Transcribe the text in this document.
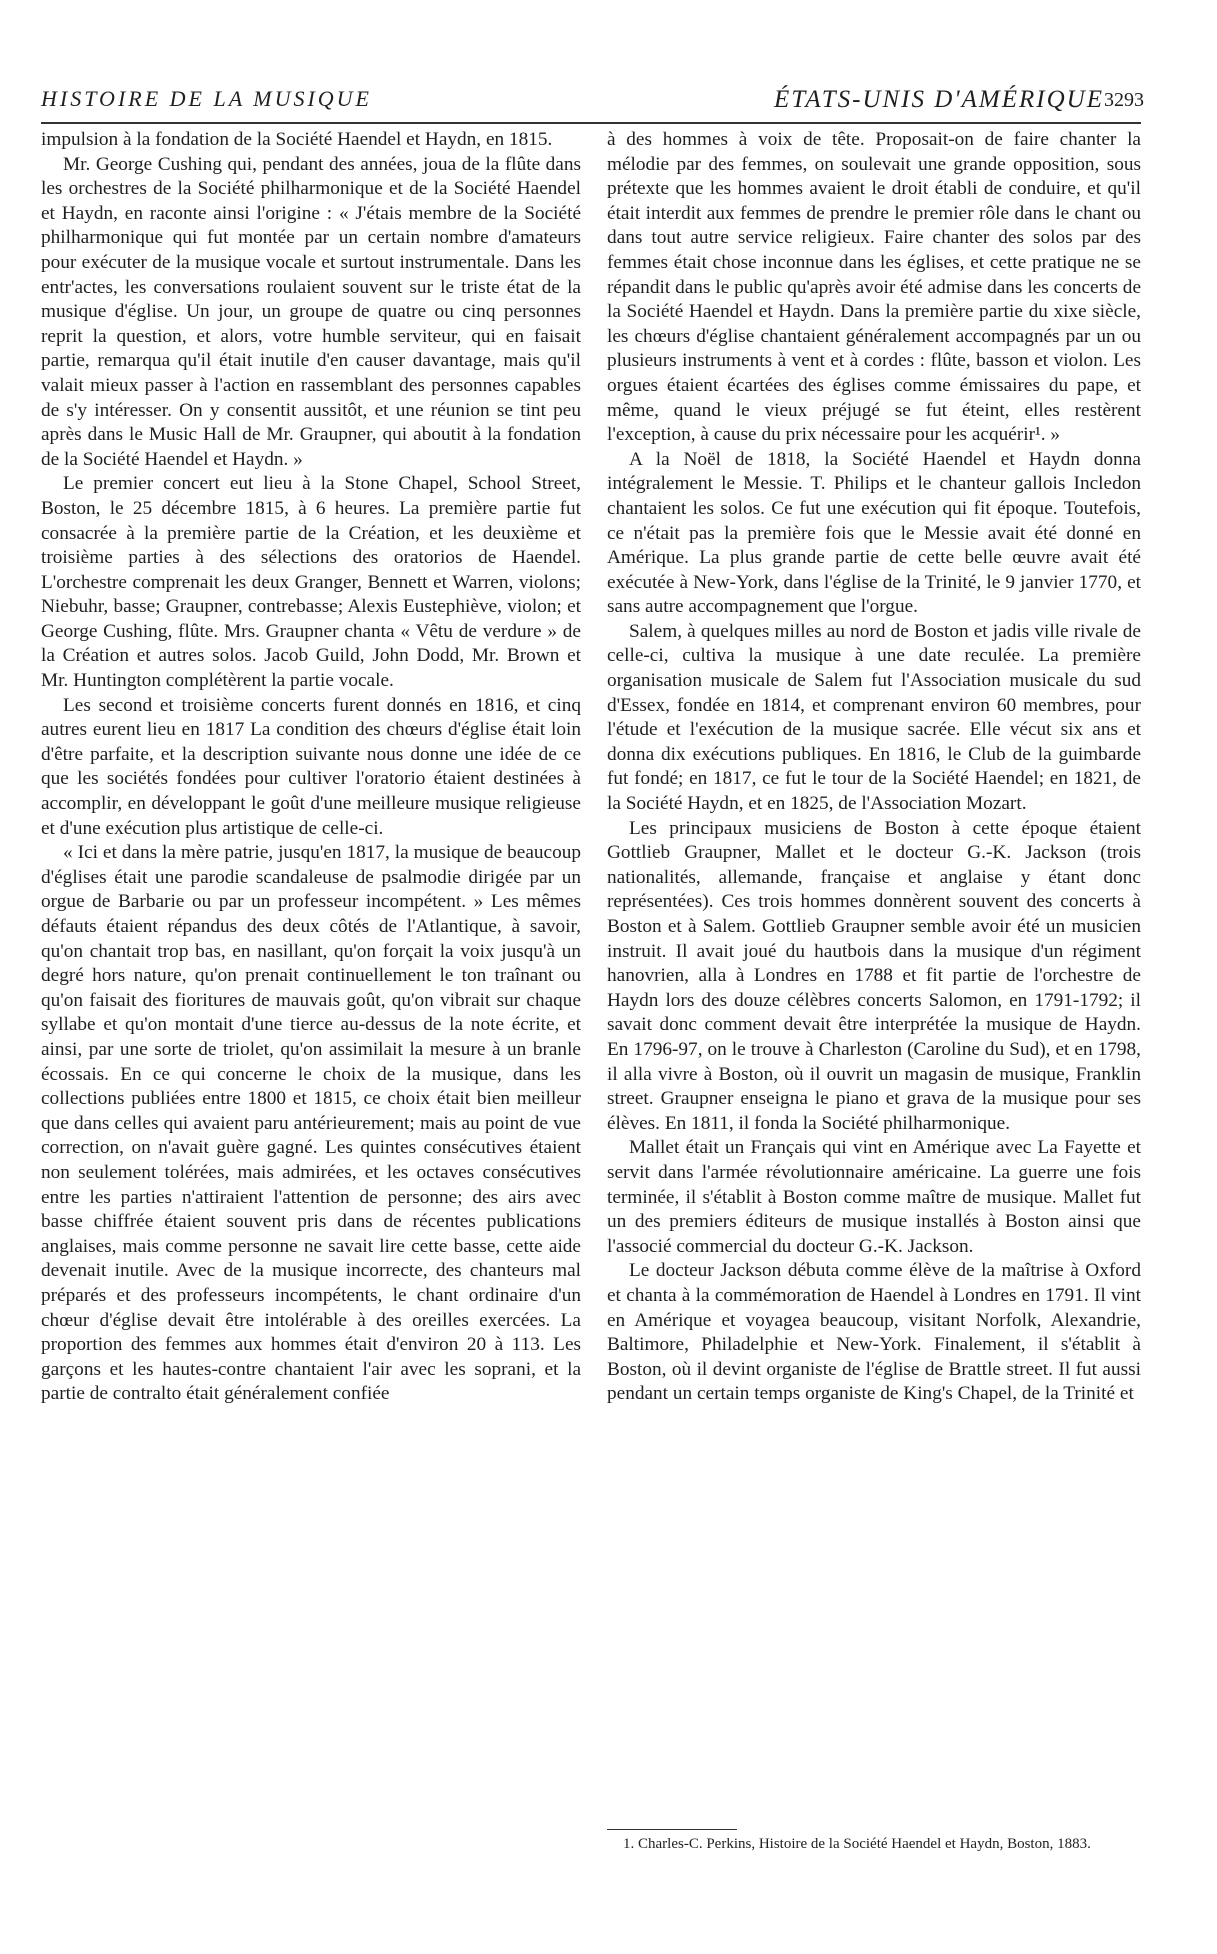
HISTOIRE DE LA MUSIQUE	ÉTATS-UNIS D'AMÉRIQUE 3293

impulsion à la fondation de la Société Haendel et Haydn, en 1815.

Mr. George Cushing qui, pendant des années, joua de la flûte dans les orchestres de la Société philharmonique et de la Société Haendel et Haydn, en raconte ainsi l'origine : « J'étais membre de la Société philharmonique qui fut montée par un certain nombre d'amateurs pour exécuter de la musique vocale et surtout instrumentale. Dans les entr'actes, les conversations roulaient souvent sur le triste état de la musique d'église. Un jour, un groupe de quatre ou cinq personnes reprit la question, et alors, votre humble serviteur, qui en faisait partie, remarqua qu'il était inutile d'en causer davantage, mais qu'il valait mieux passer à l'action en rassemblant des personnes capables de s'y intéresser. On y consentit aussitôt, et une réunion se tint peu après dans le Music Hall de Mr. Graupner, qui aboutit à la fondation de la Société Haendel et Haydn. »

Le premier concert eut lieu à la Stone Chapel, School Street, Boston, le 25 décembre 1815, à 6 heures. La première partie fut consacrée à la première partie de la Création, et les deuxième et troisième parties à des sélections des oratorios de Haendel. L'orchestre comprenait les deux Granger, Bennett et Warren, violons; Niebuhr, basse; Graupner, contrebasse; Alexis Eustephiève, violon; et George Cushing, flûte. Mrs. Graupner chanta « Vêtu de verdure » de la Création et autres solos. Jacob Guild, John Dodd, Mr. Brown et Mr. Huntington complétèrent la partie vocale.

Les second et troisième concerts furent donnés en 1816, et cinq autres eurent lieu en 1817 La condition des chœurs d'église était loin d'être parfaite, et la description suivante nous donne une idée de ce que les sociétés fondées pour cultiver l'oratorio étaient destinées à accomplir, en développant le goût d'une meilleure musique religieuse et d'une exécution plus artistique de celle-ci.

« Ici et dans la mère patrie, jusqu'en 1817, la musique de beaucoup d'églises était une parodie scandaleuse de psalmodie dirigée par un orgue de Barbarie ou par un professeur incompétent. » Les mêmes défauts étaient répandus des deux côtés de l'Atlantique, à savoir, qu'on chantait trop bas, en nasillant, qu'on forçait la voix jusqu'à un degré hors nature, qu'on prenait continuellement le ton traînant ou qu'on faisait des fioritures de mauvais goût, qu'on vibrait sur chaque syllabe et qu'on montait d'une tierce au-dessus de la note écrite, et ainsi, par une sorte de triolet, qu'on assimilait la mesure à un branle écossais. En ce qui concerne le choix de la musique, dans les collections publiées entre 1800 et 1815, ce choix était bien meilleur que dans celles qui avaient paru antérieurement; mais au point de vue correction, on n'avait guère gagné. Les quintes consécutives étaient non seulement tolérées, mais admirées, et les octaves consécutives entre les parties n'attiraient l'attention de personne; des airs avec basse chiffrée étaient souvent pris dans de récentes publications anglaises, mais comme personne ne savait lire cette basse, cette aide devenait inutile. Avec de la musique incorrecte, des chanteurs mal préparés et des professeurs incompétents, le chant ordinaire d'un chœur d'église devait être intolérable à des oreilles exercées. La proportion des femmes aux hommes était d'environ 20 à 113. Les garçons et les hautes-contre chantaient l'air avec les soprani, et la partie de contralto était généralement confiée

à des hommes à voix de tête. Proposait-on de faire chanter la mélodie par des femmes, on soulevait une grande opposition, sous prétexte que les hommes avaient le droit établi de conduire, et qu'il était interdit aux femmes de prendre le premier rôle dans le chant ou dans tout autre service religieux. Faire chanter des solos par des femmes était chose inconnue dans les églises, et cette pratique ne se répandit dans le public qu'après avoir été admise dans les concerts de la Société Haendel et Haydn. Dans la première partie du xixe siècle, les chœurs d'église chantaient généralement accompagnés par un ou plusieurs instruments à vent et à cordes : flûte, basson et violon. Les orgues étaient écartées des églises comme émissaires du pape, et même, quand le vieux préjugé se fut éteint, elles restèrent l'exception, à cause du prix nécessaire pour les acquérir¹. »

A la Noël de 1818, la Société Haendel et Haydn donna intégralement le Messie. T. Philips et le chanteur gallois Incledon chantaient les solos. Ce fut une exécution qui fit époque. Toutefois, ce n'était pas la première fois que le Messie avait été donné en Amérique. La plus grande partie de cette belle œuvre avait été exécutée à New-York, dans l'église de la Trinité, le 9 janvier 1770, et sans autre accompagnement que l'orgue.

Salem, à quelques milles au nord de Boston et jadis ville rivale de celle-ci, cultiva la musique à une date reculée. La première organisation musicale de Salem fut l'Association musicale du sud d'Essex, fondée en 1814, et comprenant environ 60 membres, pour l'étude et l'exécution de la musique sacrée. Elle vécut six ans et donna dix exécutions publiques. En 1816, le Club de la guimbarde fut fondé; en 1817, ce fut le tour de la Société Haendel; en 1821, de la Société Haydn, et en 1825, de l'Association Mozart.

Les principaux musiciens de Boston à cette époque étaient Gottlieb Graupner, Mallet et le docteur G.-K. Jackson (trois nationalités, allemande, française et anglaise y étant donc représentées). Ces trois hommes donnèrent souvent des concerts à Boston et à Salem. Gottlieb Graupner semble avoir été un musicien instruit. Il avait joué du hautbois dans la musique d'un régiment hanovrien, alla à Londres en 1788 et fit partie de l'orchestre de Haydn lors des douze célèbres concerts Salomon, en 1791-1792; il savait donc comment devait être interprétée la musique de Haydn. En 1796-97, on le trouve à Charleston (Caroline du Sud), et en 1798, il alla vivre à Boston, où il ouvrit un magasin de musique, Franklin street. Graupner enseigna le piano et grava de la musique pour ses élèves. En 1811, il fonda la Société philharmonique.

Mallet était un Français qui vint en Amérique avec La Fayette et servit dans l'armée révolutionnaire américaine. La guerre une fois terminée, il s'établit à Boston comme maître de musique. Mallet fut un des premiers éditeurs de musique installés à Boston ainsi que l'associé commercial du docteur G.-K. Jackson.

Le docteur Jackson débuta comme élève de la maîtrise à Oxford et chanta à la commémoration de Haendel à Londres en 1791. Il vint en Amérique et voyagea beaucoup, visitant Norfolk, Alexandrie, Baltimore, Philadelphie et New-York. Finalement, il s'établit à Boston, où il devint organiste de l'église de Brattle street. Il fut aussi pendant un certain temps organiste de King's Chapel, de la Trinité et

1. Charles-C. Perkins, Histoire de la Société Haendel et Haydn, Boston, 1883.
